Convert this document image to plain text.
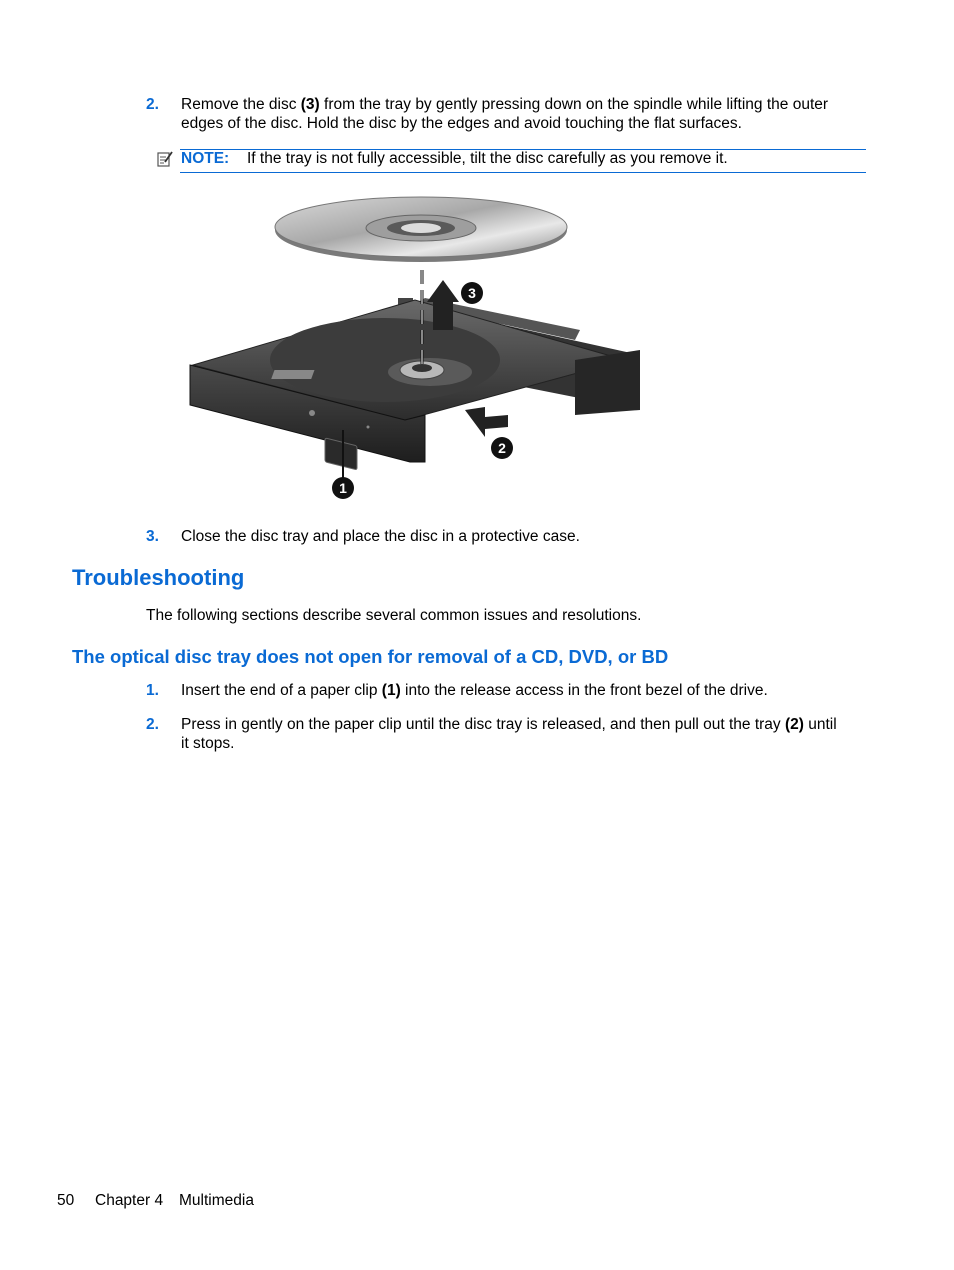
2. Remove the disc (3) from the tray by gently pressing down on the spindle while lifting the outer
edges of the disc. Hold the disc by the edges and avoid touching the flat surfaces.
NOTE: If the tray is not fully accessible, tilt the disc carefully as you remove it.
3
2
1
3. Close the disc tray and place the disc in a protective case.
Troubleshooting
The following sections describe several common issues and resolutions.
The optical disc tray does not open for removal of a CD, DVD, or BD
1. Insert the end of a paper clip (1) into the release access in the front bezel of the drive.
2. Press in gently on the paper clip until the disc tray is released, and then pull out the tray (2) until
it stops.
50 Chapter 4 Multimedia
